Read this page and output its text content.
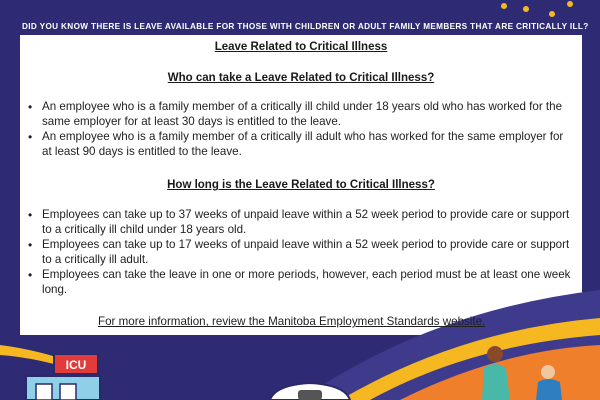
DID YOU KNOW THERE IS LEAVE AVAILABLE FOR THOSE WITH CHILDREN OR ADULT FAMILY MEMBERS THAT ARE CRITICALLY ILL?
Leave Related to Critical Illness
Who can take a Leave Related to Critical Illness?
• An employee who is a family member of a critically ill child under 18 years old who has worked for the same employer for at least 30 days is entitled to the leave.
• An employee who is a family member of a critically ill adult who has worked for the same employer for at least 90 days is entitled to the leave.
How long is the Leave Related to Critical Illness?
• Employees can take up to 37 weeks of unpaid leave within a 52 week period to provide care or support to a critically ill child under 18 years old.
• Employees can take up to 17 weeks of unpaid leave within a 52 week period to provide care or support to a critically ill adult.
• Employees can take the leave in one or more periods, however, each period must be at least one week long.
For more information, review the Manitoba Employment Standards website.
ICU
